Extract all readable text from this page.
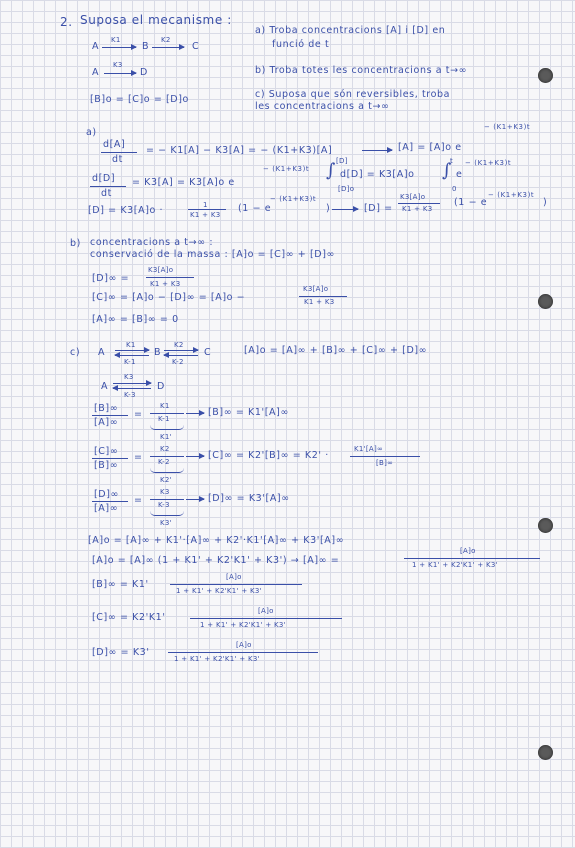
2. Suposa el mecanisme :
A
K1
→ B
K2
→ C
A
K3
→ D
[B]o = [C]o = [D]o
a) Troba concentracions [A] i [D] en
funció de t
b) Troba totes les concentracions a t→∞
c) Suposa que són reversibles, troba
les concentracions a t→∞
a)
d[A]
dt
= − K1[A] − K3[A] = − (K1+K3)[A]	[A] = [A]o e
− (K1+K3)t
d[D]
dt
= K3[A] = K3[A]o e
− (K1+K3)t
[D]
∫
[D]o
d[D] = K3[A]o
t
∫
0
e
− (K1+K3)t
[D] = K3[A]o ·	1
K1 + K3
(1 − e
− (K1+K3)t
)	[D] =
K3[A]o
K1 + K3
(1 − e
− (K1+K3)t
)
b) concentracions a t→∞ :
conservació de la massa : [A]o = [C]∞ + [D]∞
[D]∞ =
K3[A]o
K1 + K3
[C]∞ = [A]o − [D]∞ = [A]o −
K3[A]o
K1 + K3
[A]∞ = [B]∞ = 0
c) A
K1
K-1
B
K2
K-2
C	[A]o = [A]∞ + [B]∞ + [C]∞ + [D]∞
K3
A
K-3
D
[B]∞
[A]∞
=
K1
K-1
K1'
[B]∞ = K1'[A]∞
[C]∞
[B]∞
=
K2
K-2
K2'
[C]∞ = K2'[B]∞ = K2' ·
K1'[A]∞
[B]∞
[D]∞
[A]∞
=
K3
K-3
K3'
[D]∞ = K3'[A]∞
[A]o = [A]∞ + K1'·[A]∞ + K2'·K1'[A]∞ + K3'[A]∞
[A]o = [A]∞ (1 + K1' + K2'K1' + K3') → [A]∞ =
[A]o
1 + K1' + K2'K1' + K3'
[B]∞ = K1'
[A]o
1 + K1' + K2'K1' + K3'
[C]∞ = K2'K1'
[A]o
1 + K1' + K2'K1' + K3'
[D]∞ = K3'
[A]o
1 + K1' + K2'K1' + K3'
